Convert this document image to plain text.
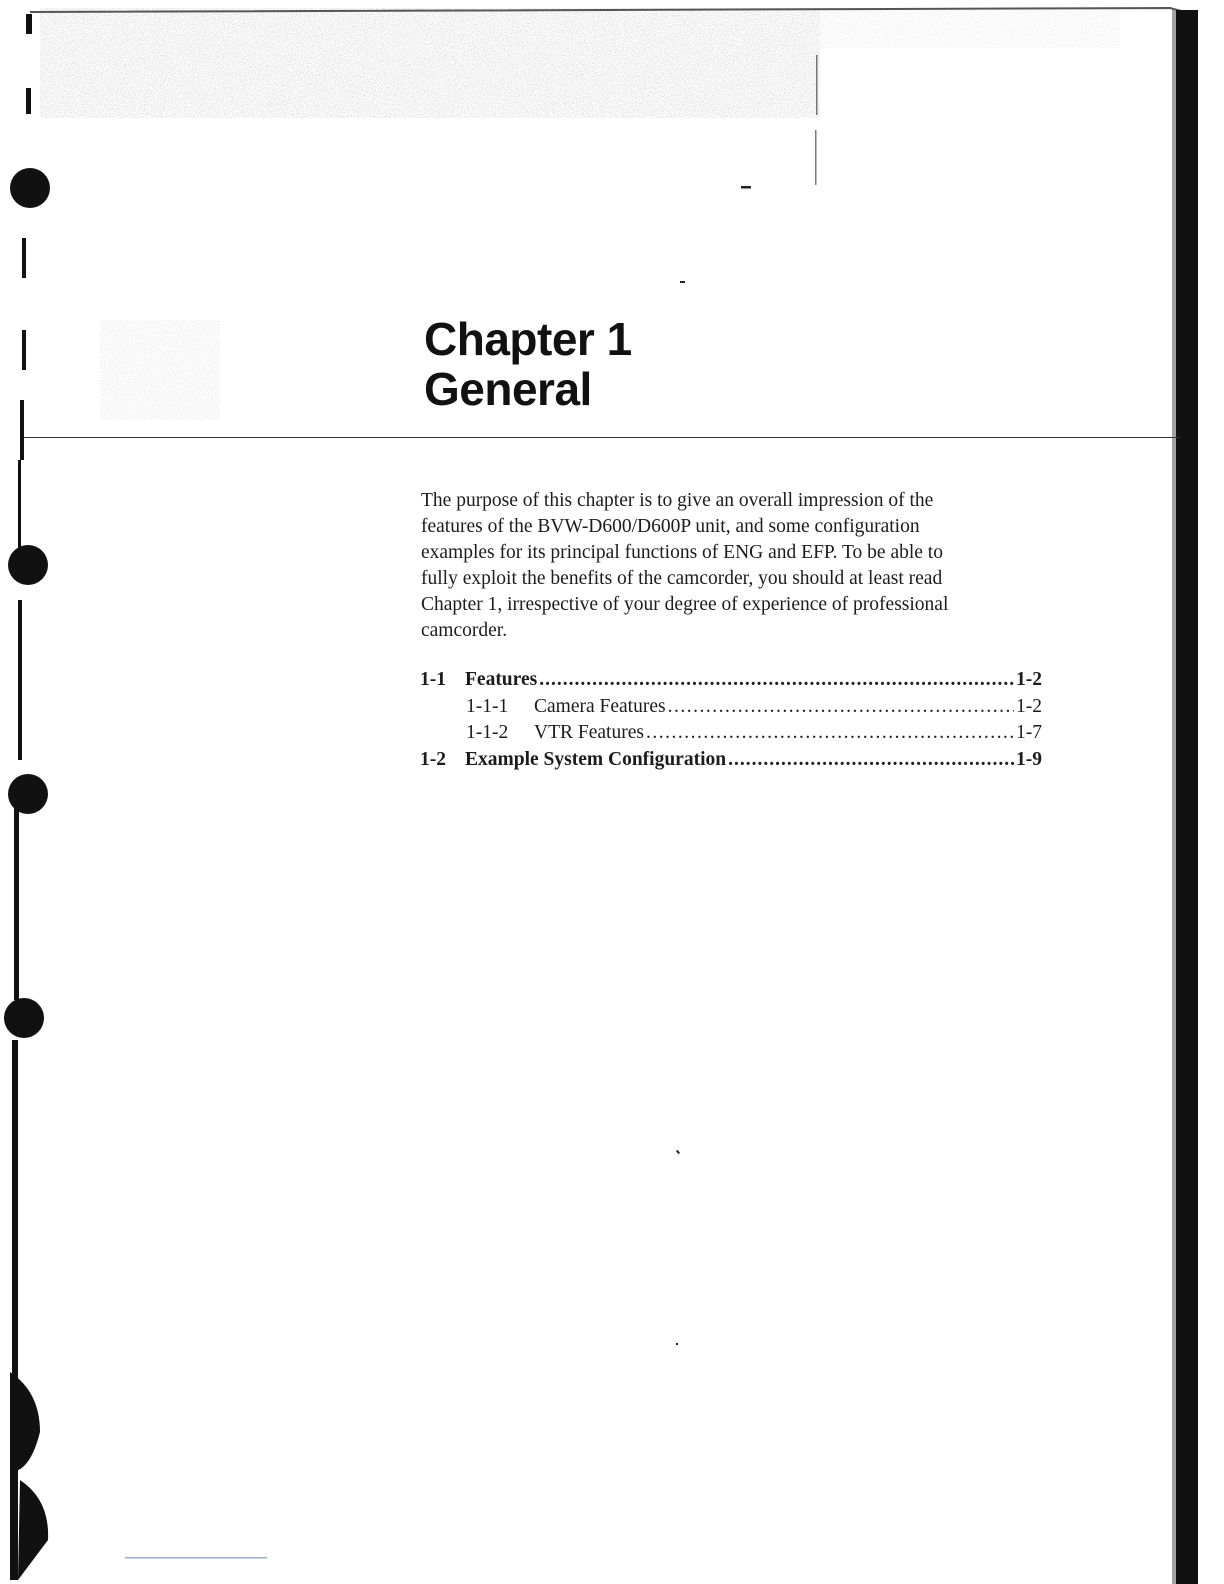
Chapter 1
General
The purpose of this chapter is to give an overall impression of the
features of the BVW-D600/D600P unit, and some configuration
examples for its principal functions of ENG and EFP. To be able to
fully exploit the benefits of the camcorder, you should at least read
Chapter 1, irrespective of your degree of experience of professional
camcorder.
1-1 Features .....	1-2
1-1-1	Camera Features .....	1-2
1-1-2	VTR Features .....	1-7
1-2 Example System Configuration .....	1-9
